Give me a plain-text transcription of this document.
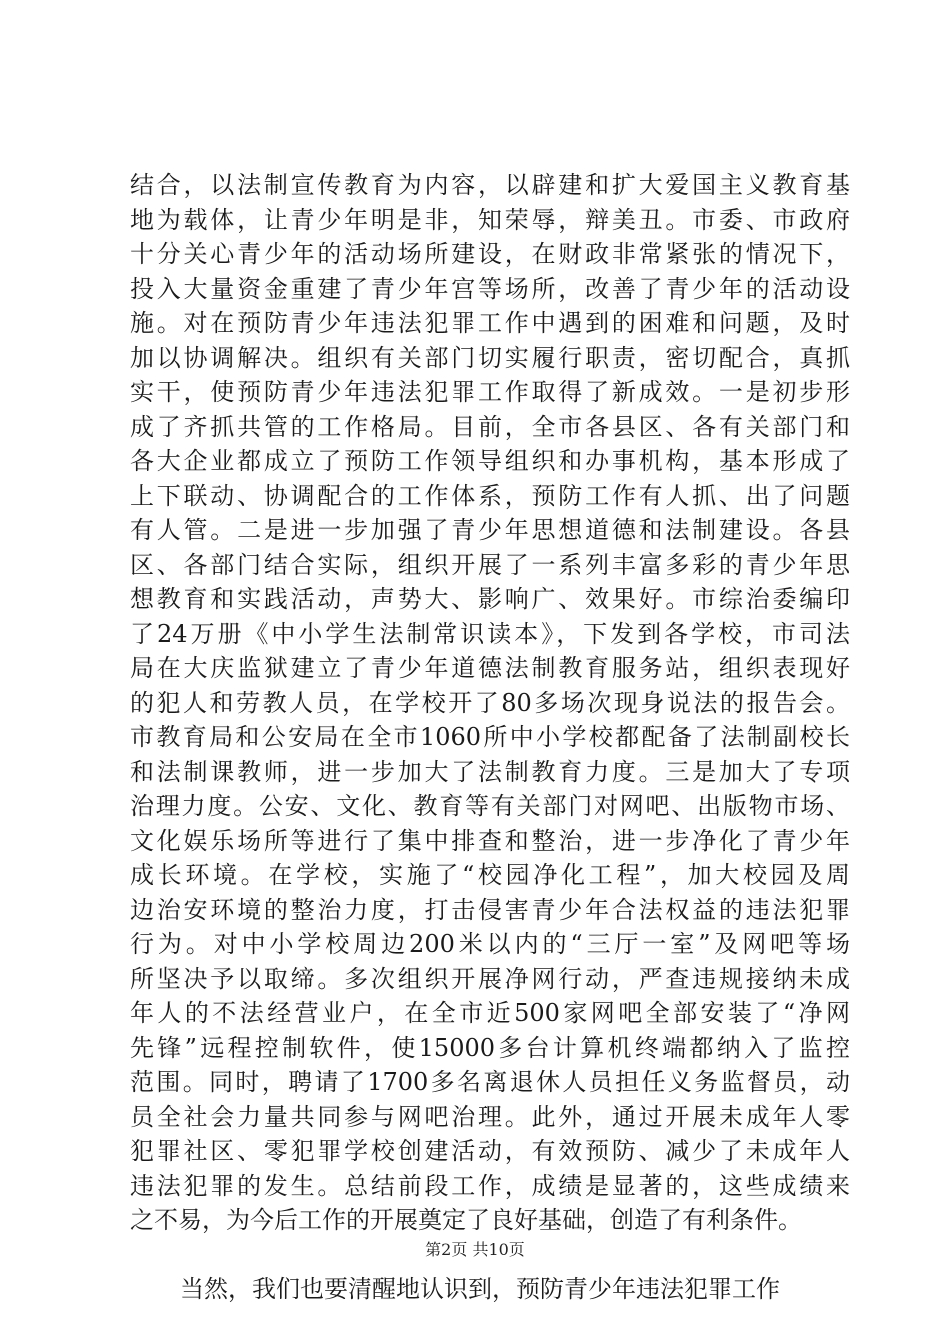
结合，以法制宣传教育为内容，以辟建和扩大爱国主义教育基
地为载体，让青少年明是非，知荣辱，辩美丑。市委、市政府
十分关心青少年的活动场所建设，在财政非常紧张的情况下，
投入大量资金重建了青少年宫等场所，改善了青少年的活动设
施。对在预防青少年违法犯罪工作中遇到的困难和问题，及时
加以协调解决。组织有关部门切实履行职责，密切配合，真抓
实干，使预防青少年违法犯罪工作取得了新成效。一是初步形
成了齐抓共管的工作格局。目前，全市各县区、各有关部门和
各大企业都成立了预防工作领导组织和办事机构，基本形成了
上下联动、协调配合的工作体系，预防工作有人抓、出了问题
有人管。二是进一步加强了青少年思想道德和法制建设。各县
区、各部门结合实际，组织开展了一系列丰富多彩的青少年思
想教育和实践活动，声势大、影响广、效果好。市综治委编印
了24万册《中小学生法制常识读本》，下发到各学校，市司法
局在大庆监狱建立了青少年道德法制教育服务站，组织表现好
的犯人和劳教人员，在学校开了80多场次现身说法的报告会。
市教育局和公安局在全市1060所中小学校都配备了法制副校长
和法制课教师，进一步加大了法制教育力度。三是加大了专项
治理力度。公安、文化、教育等有关部门对网吧、出版物市场、
文化娱乐场所等进行了集中排查和整治，进一步净化了青少年
成长环境。在学校，实施了“校园净化工程”，加大校园及周
边治安环境的整治力度，打击侵害青少年合法权益的违法犯罪
行为。对中小学校周边200米以内的“三厅一室”及网吧等场
所坚决予以取缔。多次组织开展净网行动，严查违规接纳未成
年人的不法经营业户，在全市近500家网吧全部安装了“净网
先锋”远程控制软件，使15000多台计算机终端都纳入了监控
范围。同时，聘请了1700多名离退休人员担任义务监督员，动
员全社会力量共同参与网吧治理。此外，通过开展未成年人零
犯罪社区、零犯罪学校创建活动，有效预防、减少了未成年人
违法犯罪的发生。总结前段工作，成绩是显著的，这些成绩来
之不易，为今后工作的开展奠定了良好基础，创造了有利条件。
当然，我们也要清醒地认识到，预防青少年违法犯罪工作
第2页 共10页
